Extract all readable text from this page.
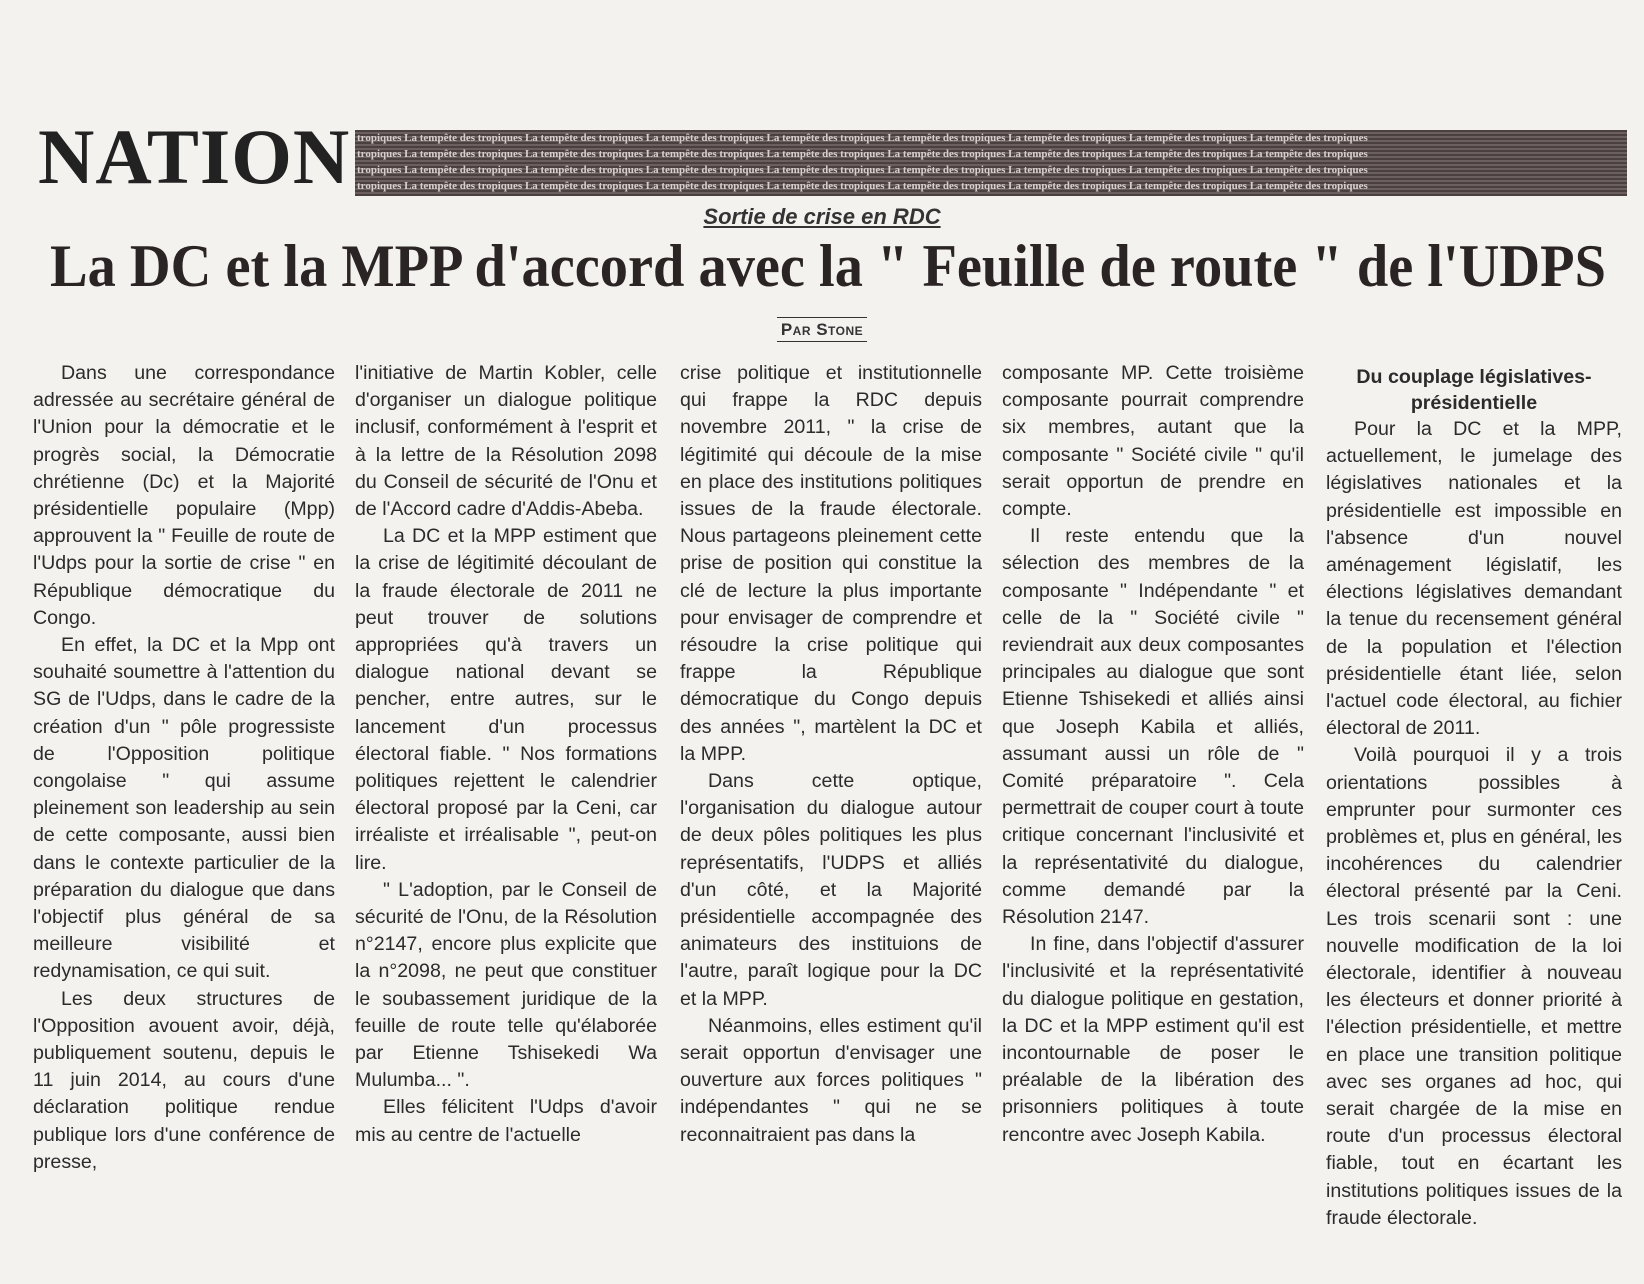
NATION tropiques La tempête des tropiques La tempête des tropiques La tempête des tropiques La tempête des tropiques La tempête des tropiques La tempête des tropiques La tempête des tropiques La tempête des tropiques
tropiques La tempête des tropiques La tempête des tropiques La tempête des tropiques La tempête des tropiques La tempête des tropiques La tempête des tropiques La tempête des tropiques La tempête des tropiques
tropiques La tempête des tropiques La tempête des tropiques La tempête des tropiques La tempête des tropiques La tempête des tropiques La tempête des tropiques La tempête des tropiques La tempête des tropiques
tropiques La tempête des tropiques La tempête des tropiques La tempête des tropiques La tempête des tropiques La tempête des tropiques La tempête des tropiques La tempête des tropiques La tempête des tropiques
Sortie de crise en RDC
La DC et la MPP d'accord avec la " Feuille de route " de l'UDPS
Par Stone

Dans une correspondance adressée au secrétaire général de l'Union pour la démocratie et le progrès social, la Démocratie chrétienne (Dc) et la Majorité présidentielle populaire (Mpp) approuvent la " Feuille de route de l'Udps pour la sortie de crise " en République démocratique du Congo.

En effet, la DC et la Mpp ont souhaité soumettre à l'attention du SG de l'Udps, dans le cadre de la création d'un " pôle progressiste de l'Opposition politique congolaise " qui assume pleinement son leadership au sein de cette composante, aussi bien dans le contexte particulier de la préparation du dialogue que dans l'objectif plus général de sa meilleure visibilité et redynamisation, ce qui suit.

Les deux structures de l'Opposition avouent avoir, déjà, publiquement soutenu, depuis le 11 juin 2014, au cours d'une déclaration politique rendue publique lors d'une conférence de presse,

l'initiative de Martin Kobler, celle d'organiser un dialogue politique inclusif, conformément à l'esprit et à la lettre de la Résolution 2098 du Conseil de sécurité de l'Onu et de l'Accord cadre d'Addis-Abeba.

La DC et la MPP estiment que la crise de légitimité découlant de la fraude électorale de 2011 ne peut trouver de solutions appropriées qu'à travers un dialogue national devant se pencher, entre autres, sur le lancement d'un processus électoral fiable. " Nos formations politiques rejettent le calendrier électoral proposé par la Ceni, car irréaliste et irréalisable ", peut-on lire.

" L'adoption, par le Conseil de sécurité de l'Onu, de la Résolution n°2147, encore plus explicite que la n°2098, ne peut que constituer le soubassement juridique de la feuille de route telle qu'élaborée par Etienne Tshisekedi Wa Mulumba... ".

Elles félicitent l'Udps d'avoir mis au centre de l'actuelle

crise politique et institutionnelle qui frappe la RDC depuis novembre 2011, " la crise de légitimité qui découle de la mise en place des institutions politiques issues de la fraude électorale. Nous partageons pleinement cette prise de position qui constitue la clé de lecture la plus importante pour envisager de comprendre et résoudre la crise politique qui frappe la République démocratique du Congo depuis des années ", martèlent la DC et la MPP.

Dans cette optique, l'organisation du dialogue autour de deux pôles politiques les plus représentatifs, l'UDPS et alliés d'un côté, et la Majorité présidentielle accompagnée des animateurs des instituions de l'autre, paraît logique pour la DC et la MPP.

Néanmoins, elles estiment qu'il serait opportun d'envisager une ouverture aux forces politiques " indépendantes " qui ne se reconnaitraient pas dans la

composante MP. Cette troisième composante pourrait comprendre six membres, autant que la composante " Société civile " qu'il serait opportun de prendre en compte.

Il reste entendu que la sélection des membres de la composante " Indépendante " et celle de la " Société civile " reviendrait aux deux composantes principales au dialogue que sont Etienne Tshisekedi et alliés ainsi que Joseph Kabila et alliés, assumant aussi un rôle de " Comité préparatoire ". Cela permettrait de couper court à toute critique concernant l'inclusivité et la représentativité du dialogue, comme demandé par la Résolution 2147.

In fine, dans l'objectif d'assurer l'inclusivité et la représentativité du dialogue politique en gestation, la DC et la MPP estiment qu'il est incontournable de poser le préalable de la libération des prisonniers politiques à toute rencontre avec Joseph Kabila.

Du couplage législatives-présidentielle

Pour la DC et la MPP, actuellement, le jumelage des législatives nationales et la présidentielle est impossible en l'absence d'un nouvel aménagement législatif, les élections législatives demandant la tenue du recensement général de la population et l'élection présidentielle étant liée, selon l'actuel code électoral, au fichier électoral de 2011.

Voilà pourquoi il y a trois orientations possibles à emprunter pour surmonter ces problèmes et, plus en général, les incohérences du calendrier électoral présenté par la Ceni. Les trois scenarii sont : une nouvelle modification de la loi électorale, identifier à nouveau les électeurs et donner priorité à l'élection présidentielle, et mettre en place une transition politique avec ses organes ad hoc, qui serait chargée de la mise en route d'un processus électoral fiable, tout en écartant les institutions politiques issues de la fraude électorale.
